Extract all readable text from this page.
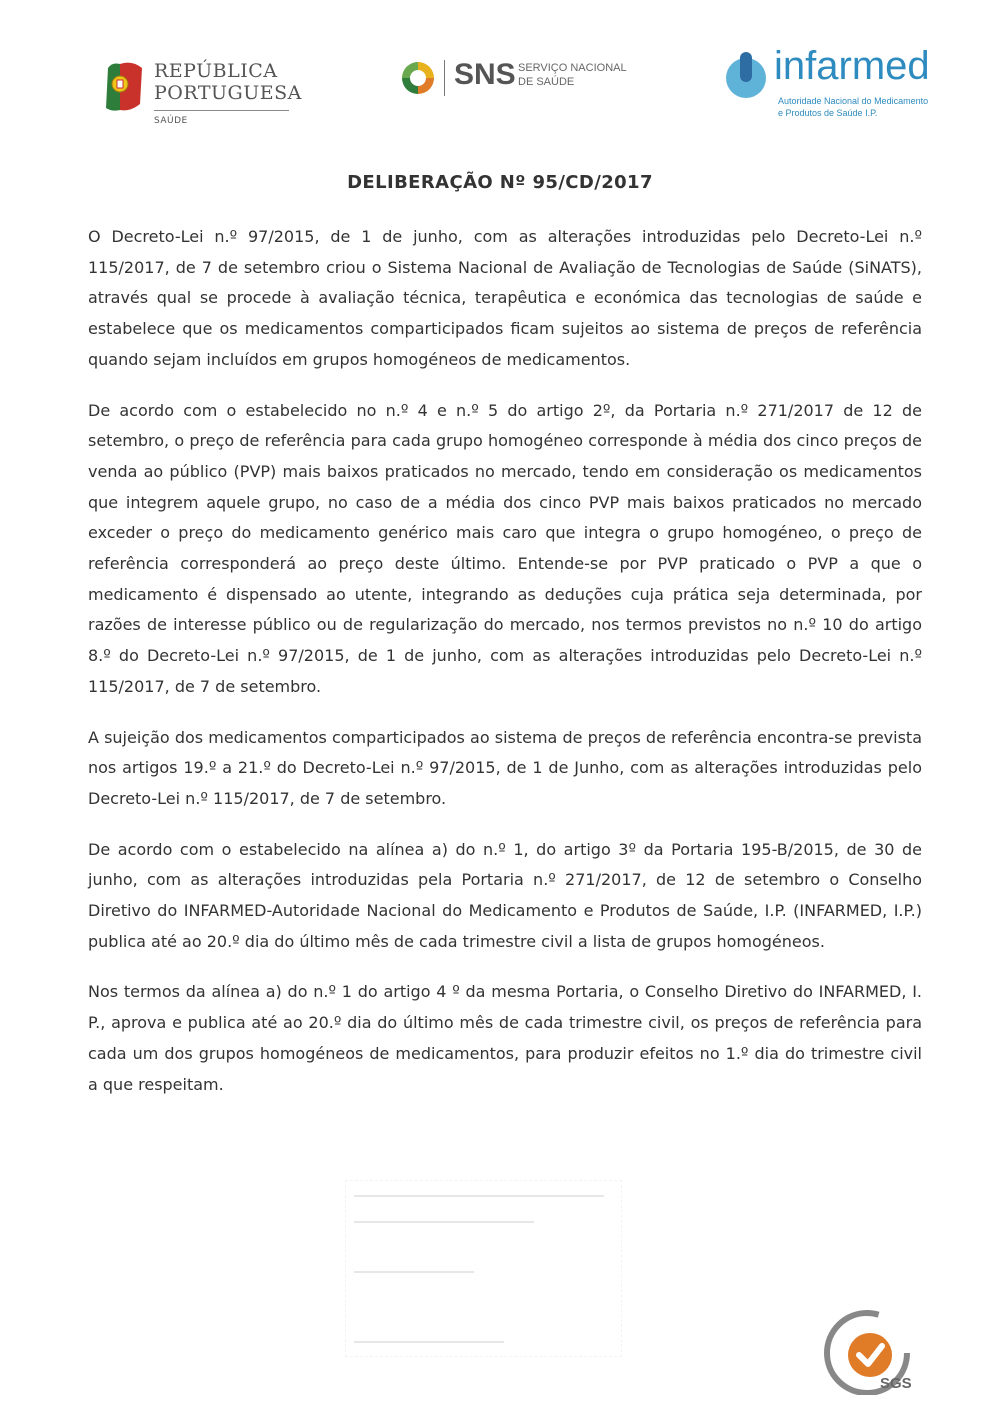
REPÚBLICA
PORTUGUESA
SAÚDE
SNS SERVIÇO NACIONAL
DE SAÚDE	infarmed
Autoridade Nacional do Medicamento
e Produtos de Saúde I.P.
DELIBERAÇÃO Nº 95/CD/2017

O Decreto-Lei n.º 97/2015, de 1 de junho, com as alterações introduzidas pelo Decreto-Lei n.º 115/2017, de 7 de setembro criou o Sistema Nacional de Avaliação de Tecnologias de Saúde (SiNATS), através qual se procede à avaliação técnica, terapêutica e económica das tecnologias de saúde e estabelece que os medicamentos comparticipados ficam sujeitos ao sistema de preços de referência quando sejam incluídos em grupos homogéneos de medicamentos.

De acordo com o estabelecido no n.º 4 e n.º 5 do artigo 2º, da Portaria n.º 271/2017 de 12 de setembro, o preço de referência para cada grupo homogéneo corresponde à média dos cinco preços de venda ao público (PVP) mais baixos praticados no mercado, tendo em consideração os medicamentos que integrem aquele grupo, no caso de a média dos cinco PVP mais baixos praticados no mercado exceder o preço do medicamento genérico mais caro que integra o grupo homogéneo, o preço de referência corresponderá ao preço deste último. Entende-se por PVP praticado o PVP a que o medicamento é dispensado ao utente, integrando as deduções cuja prática seja determinada, por razões de interesse público ou de regularização do mercado, nos termos previstos no n.º 10 do artigo 8.º do Decreto-Lei n.º 97/2015, de 1 de junho, com as alterações introduzidas pelo Decreto-Lei n.º 115/2017, de 7 de setembro.

A sujeição dos medicamentos comparticipados ao sistema de preços de referência encontra-se prevista nos artigos 19.º a 21.º do Decreto-Lei n.º 97/2015, de 1 de Junho, com as alterações introduzidas pelo Decreto-Lei n.º 115/2017, de 7 de setembro.

De acordo com o estabelecido na alínea a) do n.º 1, do artigo 3º da Portaria 195-B/2015, de 30 de junho, com as alterações introduzidas pela Portaria n.º 271/2017, de 12 de setembro o Conselho Diretivo do INFARMED-Autoridade Nacional do Medicamento e Produtos de Saúde, I.P. (INFARMED, I.P.) publica até ao 20.º dia do último mês de cada trimestre civil a lista de grupos homogéneos.

Nos termos da alínea a) do n.º 1 do artigo 4 º da mesma Portaria, o Conselho Diretivo do INFARMED, I. P., aprova e publica até ao 20.º dia do último mês de cada trimestre civil, os preços de referência para cada um dos grupos homogéneos de medicamentos, para produzir efeitos no 1.º dia do trimestre civil a que respeitam.

SGS
